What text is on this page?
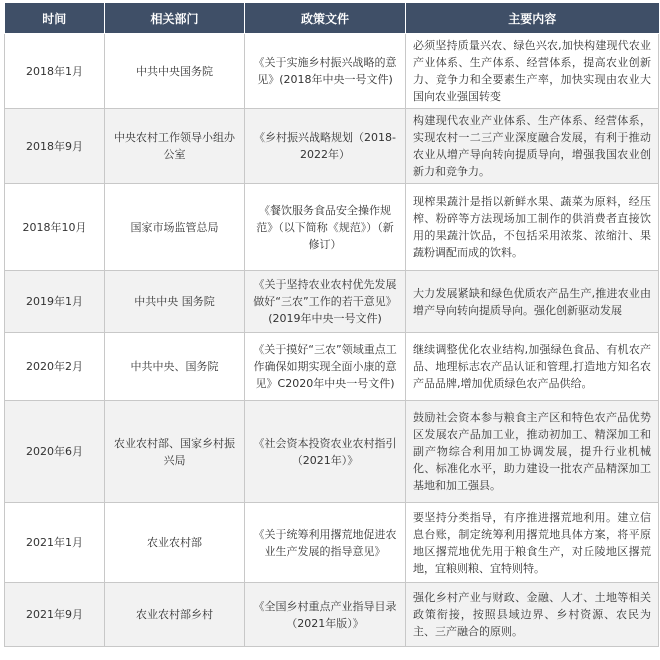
时间	相关部门	政策文件	主要内容
2018年1月	中共中央国务院	《关于实施乡村振兴战略的意见》(2018年中央一号文件)	必须坚持质量兴农、绿色兴农,加快构建现代农业产业体系、生产体系、经营体系，提高农业创新力、竞争力和全要素生产率，加快实现由农业大国向农业强国转变
2018年9月	中央农村工作领导小组办公室	《乡村振兴战略规划（2018-2022年）	构建现代农业产业体系、生产体系、经营体系，实现农村一二三产业深度融合发展，有利于推动农业从增产导向转向提质导向，增强我国农业创新力和竞争力。
2018年10月	国家市场监管总局	《餐饮服务食品安全操作规范》（以下简称《规范》）（新修订）	现榨果蔬汁是指以新鲜水果、蔬菜为原料，经压榨、粉碎等方法现场加工制作的供消费者直接饮用的果蔬汁饮品，不包括采用浓浆、浓缩汁、果蔬粉调配而成的饮料。
2019年1月	中共中央 国务院	《关于坚持农业农村优先发展做好“三农”工作的若干意见》(2019年中央一号文件)	大力发展紧缺和绿色优质农产品生产,推进农业由增产导向转向提质导向。强化创新驱动发展
2020年2月	中共中央、国务院	《关于摸好“三农”领域重点工作确保如期实现全面小康的意见》C2020年中央一号文件)	继续调整优化农业结构,加强绿色食品、有机农产品、地理标志农产品认证和管理,打造地方知名农产品品牌,增加优质绿色农产品供给。
2020年6月	农业农村部、国家乡村振兴局	《社会资本投资农业农村指引（2021年）》	鼓励社会资本参与粮食主产区和特色农产品优势区发展农产品加工业，推动初加工、精深加工和副产物综合利用加工协调发展，提升行业机械化、标准化水平，助力建设一批农产品精深加工基地和加工强县。
2021年1月	农业农村部	《关于统筹利用撂荒地促进农业生产发展的指导意见》	要坚持分类指导，有序推进撂荒地利用。建立信息台账，制定统筹利用撂荒地具体方案，将平原地区撂荒地优先用于粮食生产，对丘陵地区撂荒地，宜粮则粮、宜特则特。
2021年9月	农业农村部乡村	《全国乡村重点产业指导目录（2021年版）》	强化乡村产业与财政、金融、人才、土地等相关政策衔接，按照县域边界、乡村资源、农民为主、三产融合的原则。
